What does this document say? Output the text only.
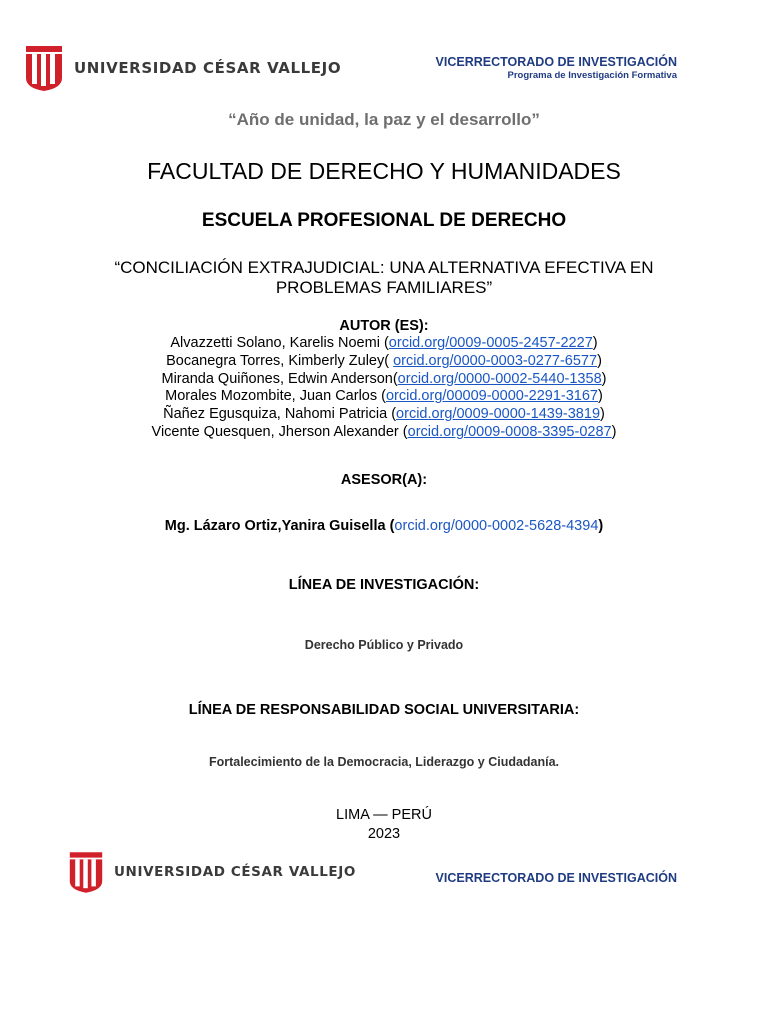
UNIVERSIDAD CÉSAR VALLEJO	VICERRECTORADO DE INVESTIGACIÓN
Programa de Investigación Formativa
“Año de unidad, la paz y el desarrollo”
FACULTAD DE DERECHO Y HUMANIDADES
ESCUELA PROFESIONAL DE DERECHO
“CONCILIACIÓN EXTRAJUDICIAL: UNA ALTERNATIVA EFECTIVA EN
PROBLEMAS FAMILIARES”
AUTOR (ES):
Alvazzetti Solano, Karelis Noemi (orcid.org/0009-0005-2457-2227)
Bocanegra Torres, Kimberly Zuley( orcid.org/0000-0003-0277-6577)
Miranda Quiñones, Edwin Anderson(orcid.org/0000-0002-5440-1358)
Morales Mozombite, Juan Carlos (orcid.org/00009-0000-2291-3167)
Ñañez Egusquiza, Nahomi Patricia (orcid.org/0009-0000-1439-3819)
Vicente Quesquen, Jherson Alexander (orcid.org/0009-0008-3395-0287)
ASESOR(A):
Mg. Lázaro Ortiz,Yanira Guisella (orcid.org/0000-0002-5628-4394)
LÍNEA DE INVESTIGACIÓN:
Derecho Público y Privado
LÍNEA DE RESPONSABILIDAD SOCIAL UNIVERSITARIA:
Fortalecimiento de la Democracia, Liderazgo y Ciudadanía.
LIMA — PERÚ
2023
UNIVERSIDAD CÉSAR VALLEJO	VICERRECTORADO DE INVESTIGACIÓN
